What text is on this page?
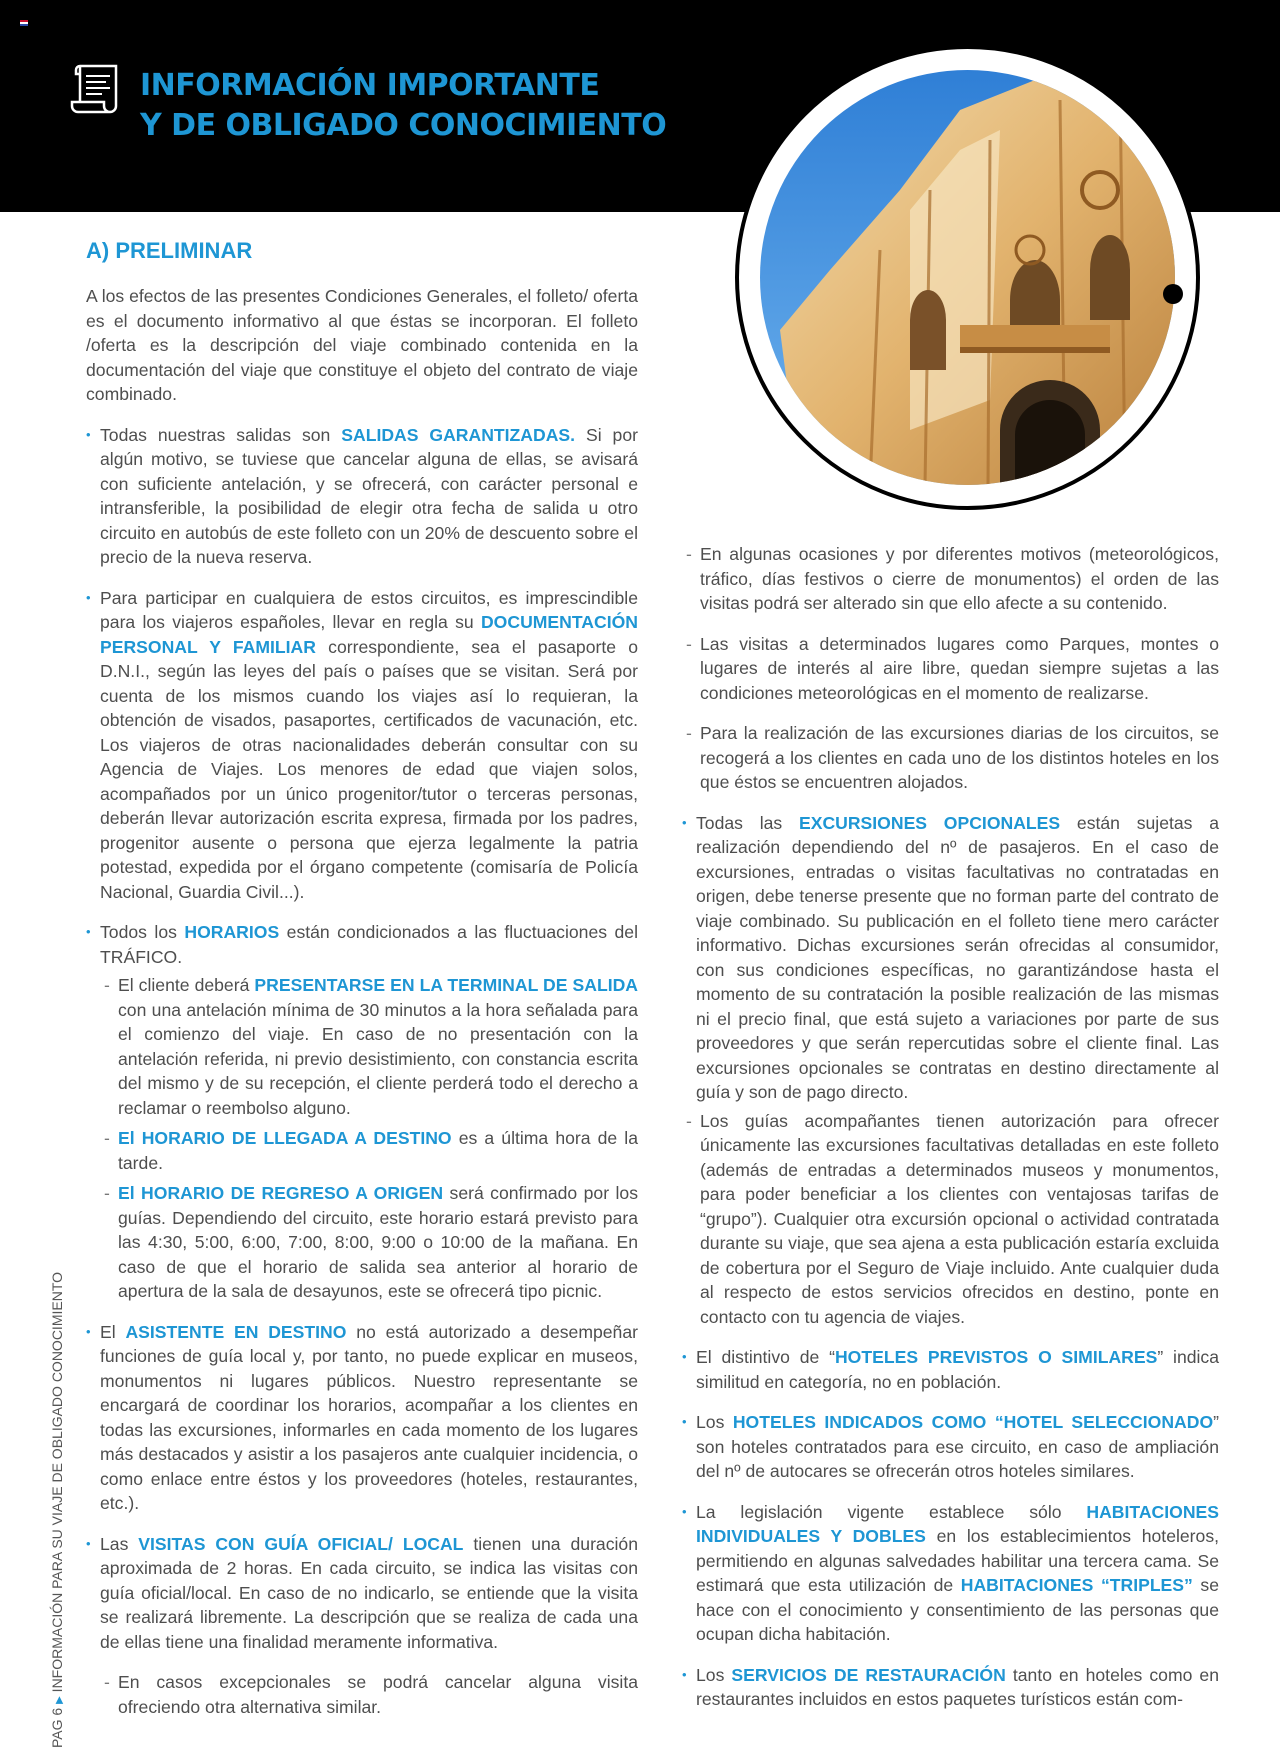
INFORMACIÓN IMPORTANTE
Y DE OBLIGADO CONOCIMIENTO
PAG 6 ▶ INFORMACIÓN PARA SU VIAJE DE OBLIGADO CONOCIMIENTO
A) PRELIMINAR

A los efectos de las presentes Condiciones Generales, el folleto/ oferta es el documento informativo al que éstas se incorporan. El folleto /oferta es la descripción del viaje combinado contenida en la documentación del viaje que constituye el objeto del contrato de viaje combinado.

• Todas nuestras salidas son SALIDAS GARANTIZADAS. Si por algún motivo, se tuviese que cancelar alguna de ellas, se avisará con suficiente antelación, y se ofrecerá, con carácter personal e intransferible, la posibilidad de elegir otra fecha de salida u otro circuito en autobús de este folleto con un 20% de descuento sobre el precio de la nueva reserva.
• Para participar en cualquiera de estos circuitos, es imprescindible para los viajeros españoles, llevar en regla su DOCUMENTACIÓN PERSONAL Y FAMILIAR correspondiente, sea el pasaporte o D.N.I., según las leyes del país o países que se visitan. Será por cuenta de los mismos cuando los viajes así lo requieran, la obtención de visados, pasaportes, certificados de vacunación, etc. Los viajeros de otras nacionalidades deberán consultar con su Agencia de Viajes. Los menores de edad que viajen solos, acompañados por un único progenitor/tutor o terceras personas, deberán llevar autorización escrita expresa, firmada por los padres, progenitor ausente o persona que ejerza legalmente la patria potestad, expedida por el órgano competente (comisaría de Policía Nacional, Guardia Civil...).
• Todos los HORARIOS están condicionados a las fluctuaciones del TRÁFICO.
- El cliente deberá PRESENTARSE EN LA TERMINAL DE SALIDA con una antelación mínima de 30 minutos a la hora señalada para el comienzo del viaje. En caso de no presentación con la antelación referida, ni previo desistimiento, con constancia escrita del mismo y de su recepción, el cliente perderá todo el derecho a reclamar o reembolso alguno.
- El HORARIO DE LLEGADA A DESTINO es a última hora de la tarde.
- El HORARIO DE REGRESO A ORIGEN será confirmado por los guías. Dependiendo del circuito, este horario estará previsto para las 4:30, 5:00, 6:00, 7:00, 8:00, 9:00 o 10:00 de la mañana. En caso de que el horario de salida sea anterior al horario de apertura de la sala de desayunos, este se ofrecerá tipo picnic.
• El ASISTENTE EN DESTINO no está autorizado a desempeñar funciones de guía local y, por tanto, no puede explicar en museos, monumentos ni lugares públicos. Nuestro representante se encargará de coordinar los horarios, acompañar a los clientes en todas las excursiones, informarles en cada momento de los lugares más destacados y asistir a los pasajeros ante cualquier incidencia, o como enlace entre éstos y los proveedores (hoteles, restaurantes, etc.).
• Las VISITAS CON GUÍA OFICIAL/ LOCAL tienen una duración aproximada de 2 horas. En cada circuito, se indica las visitas con guía oficial/local. En caso de no indicarlo, se entiende que la visita se realizará libremente. La descripción que se realiza de cada una de ellas tiene una finalidad meramente informativa.
- En casos excepcionales se podrá cancelar alguna visita ofreciendo otra alternativa similar.
- En algunas ocasiones y por diferentes motivos (meteorológicos, tráfico, días festivos o cierre de monumentos) el orden de las visitas podrá ser alterado sin que ello afecte a su contenido.
- Las visitas a determinados lugares como Parques, montes o lugares de interés al aire libre, quedan siempre sujetas a las condiciones meteorológicas en el momento de realizarse.
- Para la realización de las excursiones diarias de los circuitos, se recogerá a los clientes en cada uno de los distintos hoteles en los que éstos se encuentren alojados.
• Todas las EXCURSIONES OPCIONALES están sujetas a realización dependiendo del nº de pasajeros. En el caso de excursiones, entradas o visitas facultativas no contratadas en origen, debe tenerse presente que no forman parte del contrato de viaje combinado. Su publicación en el folleto tiene mero carácter informativo. Dichas excursiones serán ofrecidas al consumidor, con sus condiciones específicas, no garantizándose hasta el momento de su contratación la posible realización de las mismas ni el precio final, que está sujeto a variaciones por parte de sus proveedores y que serán repercutidas sobre el cliente final. Las excursiones opcionales se contratas en destino directamente al guía y son de pago directo.
- Los guías acompañantes tienen autorización para ofrecer únicamente las excursiones facultativas detalladas en este folleto (además de entradas a determinados museos y monumentos, para poder beneficiar a los clientes con ventajosas tarifas de “grupo”). Cualquier otra excursión opcional o actividad contratada durante su viaje, que sea ajena a esta publicación estaría excluida de cobertura por el Seguro de Viaje incluido. Ante cualquier duda al respecto de estos servicios ofrecidos en destino, ponte en contacto con tu agencia de viajes.
• El distintivo de “HOTELES PREVISTOS O SIMILARES” indica similitud en categoría, no en población.
• Los HOTELES INDICADOS COMO “HOTEL SELECCIONADO” son hoteles contratados para ese circuito, en caso de ampliación del nº de autocares se ofrecerán otros hoteles similares.
• La legislación vigente establece sólo HABITACIONES INDIVIDUALES Y DOBLES en los establecimientos hoteleros, permitiendo en algunas salvedades habilitar una tercera cama. Se estimará que esta utilización de HABITACIONES “TRIPLES” se hace con el conocimiento y consentimiento de las personas que ocupan dicha habitación.
• Los SERVICIOS DE RESTAURACIÓN tanto en hoteles como en restaurantes incluidos en estos paquetes turísticos están com-
